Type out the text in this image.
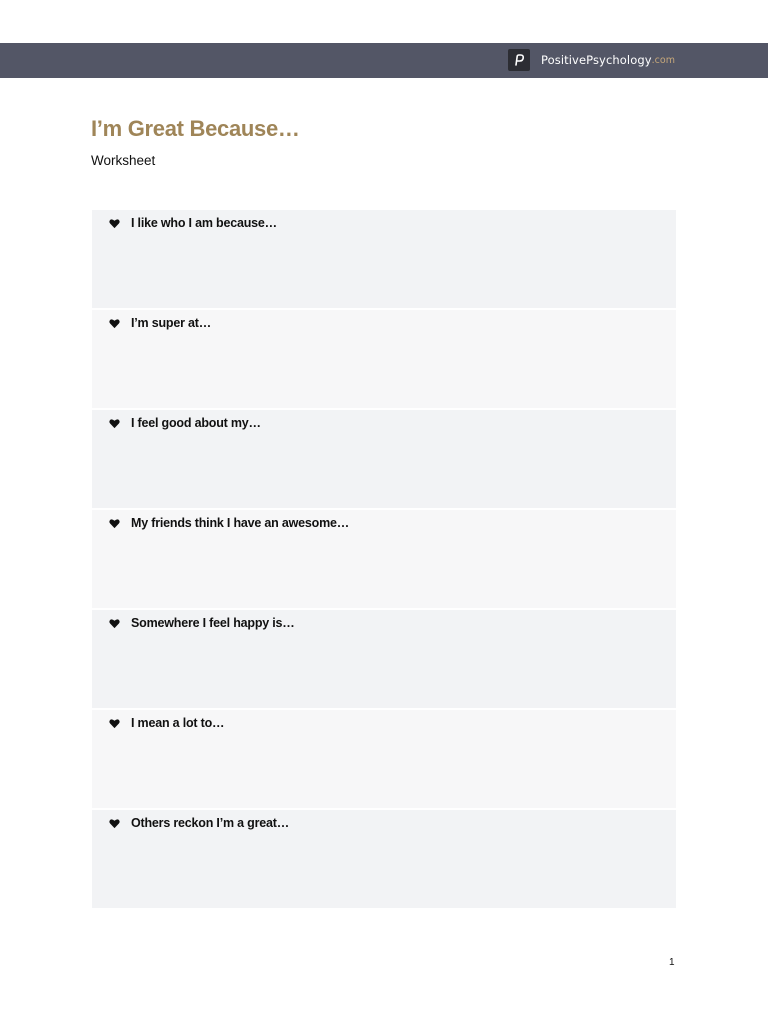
PositivePsychology .com
I’m Great Because…

Worksheet

I like who I am because…
I’m super at…
I feel good about my…
My friends think I have an awesome…
Somewhere I feel happy is…
I mean a lot to…
Others reckon I’m a great…
1
